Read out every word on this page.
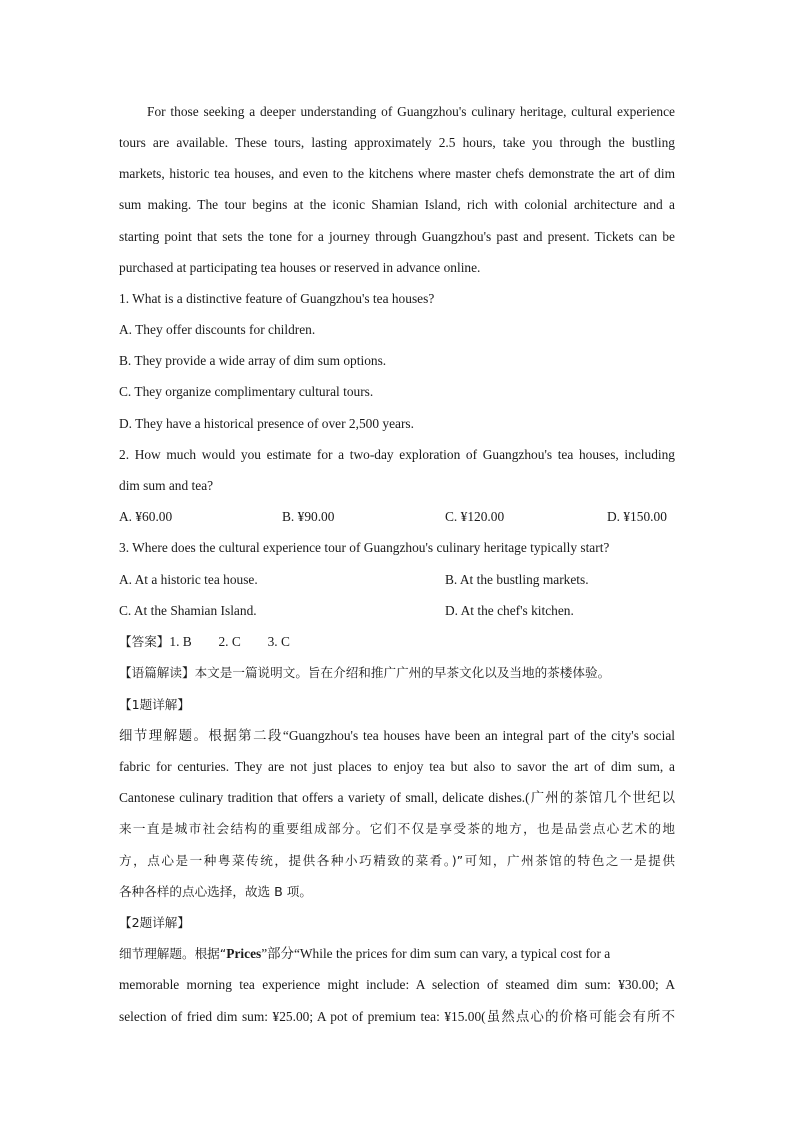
For those seeking a deeper understanding of Guangzhou's culinary heritage, cultural experience
tours are available. These tours, lasting approximately 2.5 hours, take you through the bustling
markets, historic tea houses, and even to the kitchens where master chefs demonstrate the art of dim
sum making. The tour begins at the iconic Shamian Island, rich with colonial architecture and a
starting point that sets the tone for a journey through Guangzhou's past and present. Tickets can be
purchased at participating tea houses or reserved in advance online.
1. What is a distinctive feature of Guangzhou's tea houses?
A. They offer discounts for children.
B. They provide a wide array of dim sum options.
C. They organize complimentary cultural tours.
D. They have a historical presence of over 2,500 years.
2. How much would you estimate for a two-day exploration of Guangzhou's tea houses, including
dim sum and tea?
A. ¥60.00	B. ¥90.00	C. ¥120.00	D. ¥150.00
3. Where does the cultural experience tour of Guangzhou's culinary heritage typically start?
A. At a historic tea house.	B. At the bustling markets.
C. At the Shamian Island.	D. At the chef's kitchen.
【答案】1. B        2. C        3. C
【语篇解读】本文是一篇说明文。旨在介绍和推广广州的早茶文化以及当地的茶楼体验。
【1题详解】
细节理解题。根据第二段“Guangzhou's tea houses have been an integral part of the city's social
fabric for centuries. They are not just places to enjoy tea but also to savor the art of dim sum, a
Cantonese culinary tradition that offers a variety of small, delicate dishes.(广州的茶馆几个世纪以
来一直是城市社会结构的重要组成部分。它们不仅是享受茶的地方，也是品尝点心艺术的地
方，点心是一种粤菜传统，提供各种小巧精致的菜肴。)”可知，广州茶馆的特色之一是提供
各种各样的点心选择，故选 B 项。
【2题详解】
细节理解题。根据“Prices”部分“While the prices for dim sum can vary, a typical cost for a
memorable morning tea experience might include: A selection of steamed dim sum: ¥30.00; A
selection of fried dim sum: ¥25.00; A pot of premium tea: ¥15.00(虽然点心的价格可能会有所不
